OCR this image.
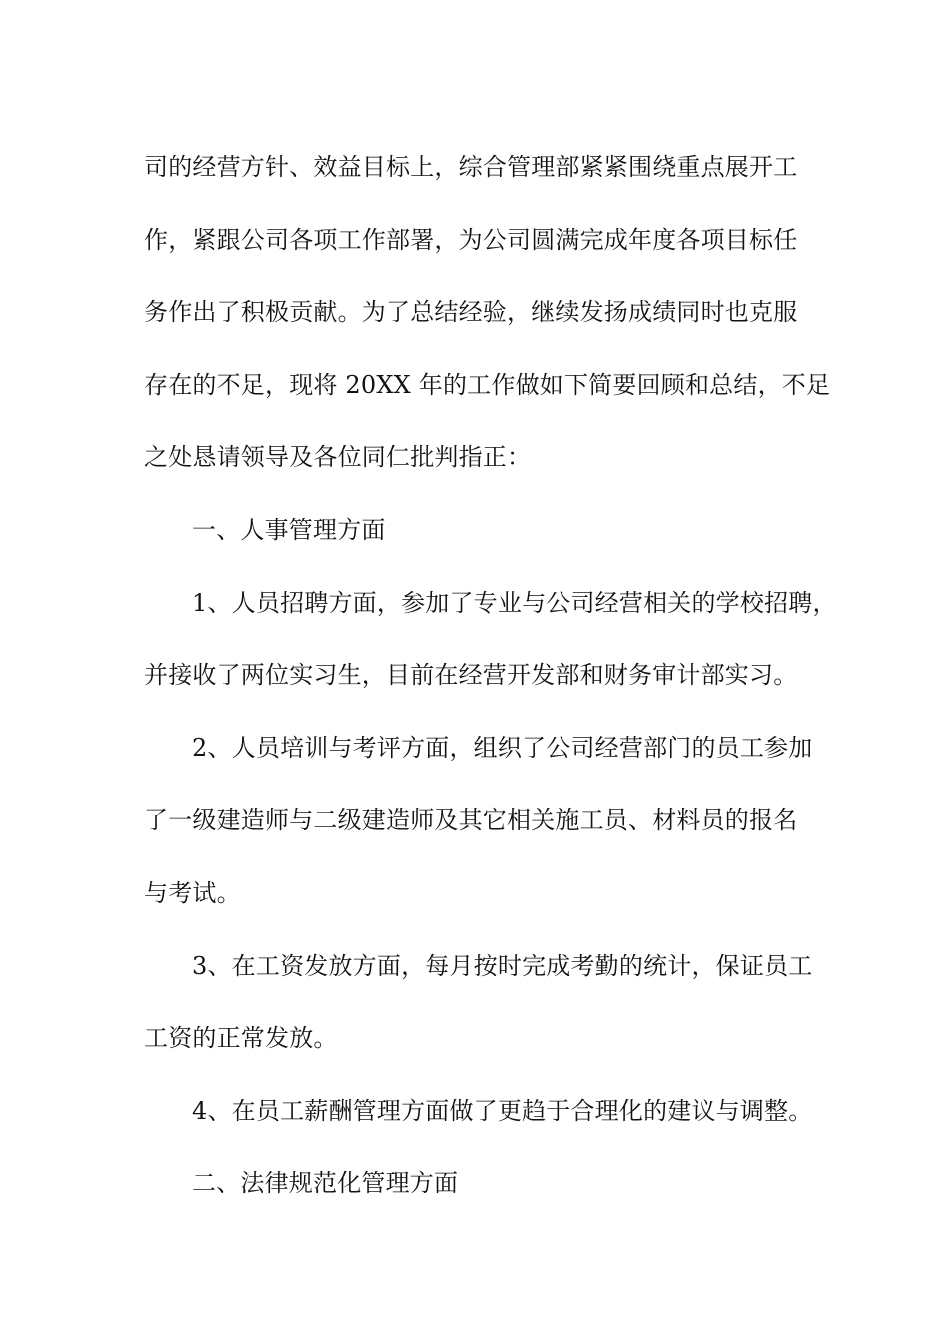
司的经营方针、效益目标上，综合管理部紧紧围绕重点展开工
作，紧跟公司各项工作部署，为公司圆满完成年度各项目标任
务作出了积极贡献。为了总结经验，继续发扬成绩同时也克服
存在的不足，现将 20XX 年的工作做如下简要回顾和总结，不足
之处恳请领导及各位同仁批判指正：
一、人事管理方面
1、人员招聘方面，参加了专业与公司经营相关的学校招聘，
并接收了两位实习生，目前在经营开发部和财务审计部实习。
2、人员培训与考评方面，组织了公司经营部门的员工参加
了一级建造师与二级建造师及其它相关施工员、材料员的报名
与考试。
3、在工资发放方面，每月按时完成考勤的统计，保证员工
工资的正常发放。
4、在员工薪酬管理方面做了更趋于合理化的建议与调整。
二、法律规范化管理方面
